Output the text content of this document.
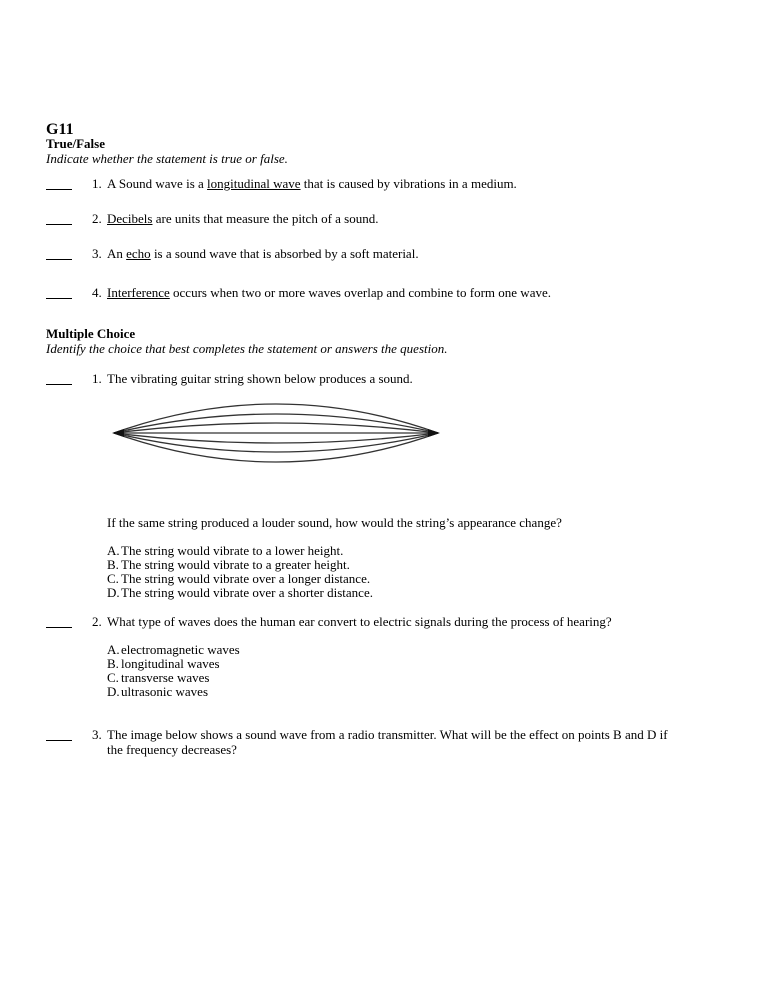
G11
True/False
Indicate whether the statement is true or false.
1. A Sound wave is a longitudinal wave that is caused by vibrations in a medium.
2. Decibels are units that measure the pitch of a sound.
3. An echo is a sound wave that is absorbed by a soft material.
4. Interference occurs when two or more waves overlap and combine to form one wave.
Multiple Choice
Identify the choice that best completes the statement or answers the question.
1. The vibrating guitar string shown below produces a sound.
If the same string produced a louder sound, how would the string’s appearance change?
A. The string would vibrate to a lower height.
B. The string would vibrate to a greater height.
C. The string would vibrate over a longer distance.
D. The string would vibrate over a shorter distance.
2. What type of waves does the human ear convert to electric signals during the process of hearing?
A. electromagnetic waves
B. longitudinal waves
C. transverse waves
D. ultrasonic waves
3. The image below shows a sound wave from a radio transmitter. What will be the effect on points B and D if
the frequency decreases?
